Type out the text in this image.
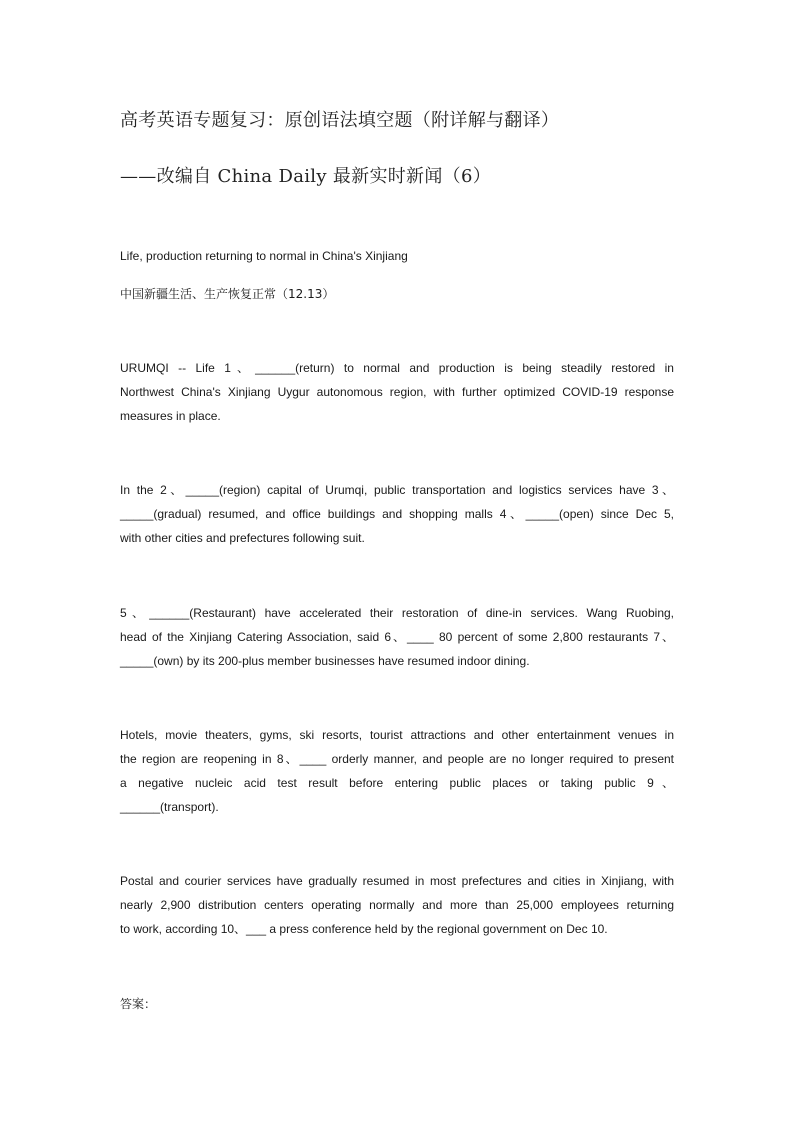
高考英语专题复习：原创语法填空题（附详解与翻译）
——改编自 China Daily 最新实时新闻（6）
Life, production returning to normal in China's Xinjiang
中国新疆生活、生产恢复正常（12.13）
URUMQI -- Life 1、______(return) to normal and production is being steadily restored in
Northwest China's Xinjiang Uygur autonomous region, with further optimized COVID-19 response
measures in place.
In the 2、_____(region) capital of Urumqi, public transportation and logistics services have 3、
_____(gradual) resumed, and office buildings and shopping malls 4、_____(open) since Dec 5,
with other cities and prefectures following suit.
5、______(Restaurant) have accelerated their restoration of dine-in services. Wang Ruobing,
head of the Xinjiang Catering Association, said 6、____ 80 percent of some 2,800 restaurants 7、
_____(own) by its 200-plus member businesses have resumed indoor dining.
Hotels, movie theaters, gyms, ski resorts, tourist attractions and other entertainment venues in
the region are reopening in 8、____ orderly manner, and people are no longer required to present
a negative nucleic acid test result before entering public places or taking public 9、
______(transport).
Postal and courier services have gradually resumed in most prefectures and cities in Xinjiang, with
nearly 2,900 distribution centers operating normally and more than 25,000 employees returning
to work, according 10、___ a press conference held by the regional government on Dec 10.
答案：
